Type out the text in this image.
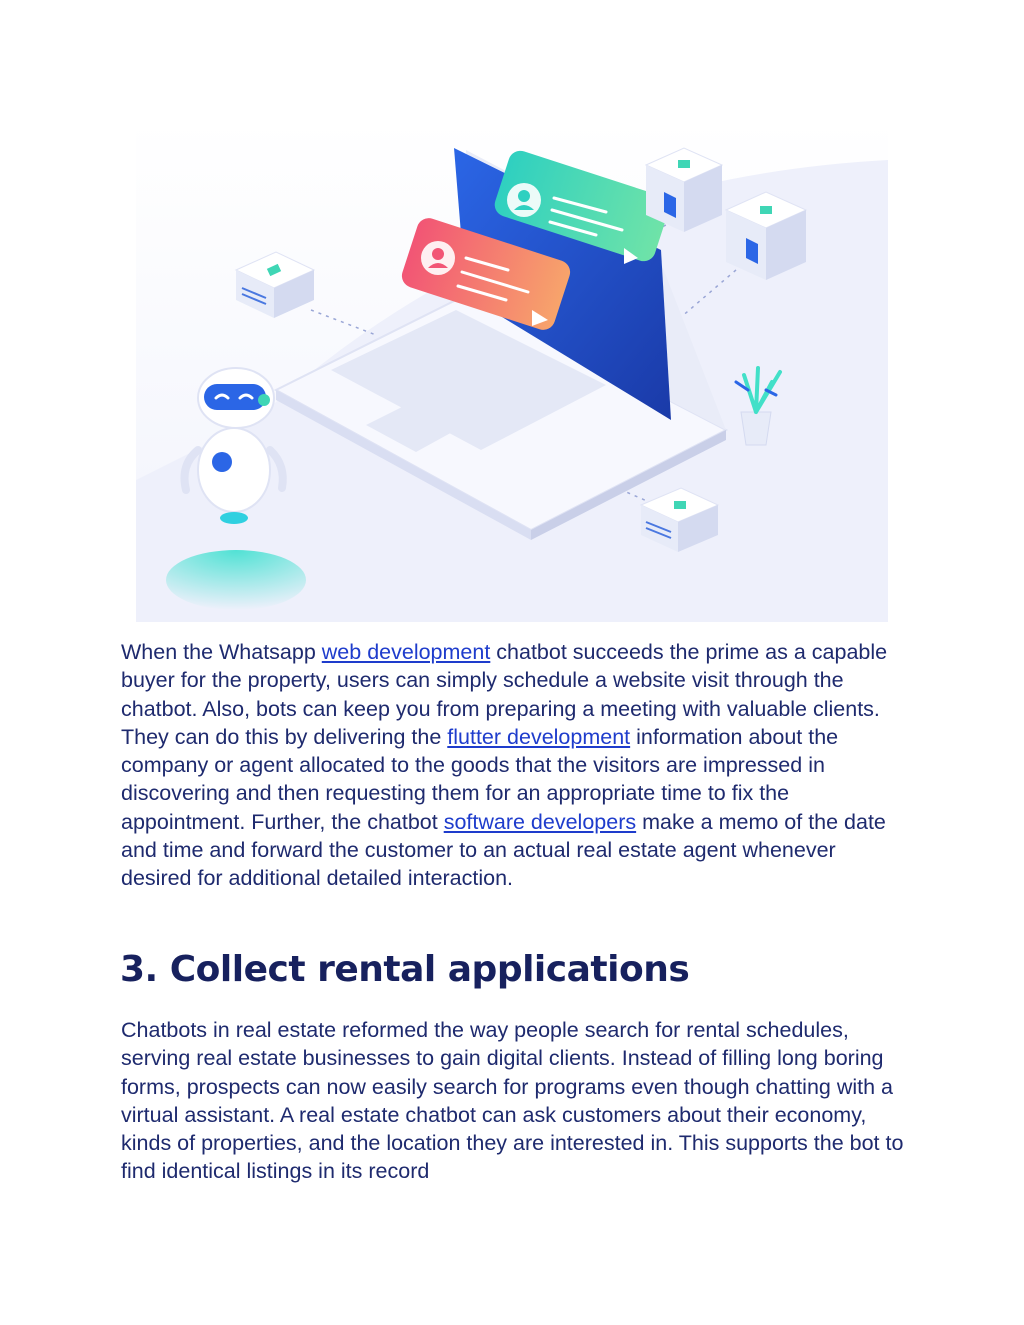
When the Whatsapp web development chatbot succeeds the prime as a capable buyer for the property, users can simply schedule a website visit through the chatbot. Also, bots can keep you from preparing a meeting with valuable clients. They can do this by delivering the flutter development information about the company or agent allocated to the goods that the visitors are impressed in discovering and then requesting them for an appropriate time to fix the appointment. Further, the chatbot software developers make a memo of the date and time and forward the customer to an actual real estate agent whenever desired for additional detailed interaction.

3. Collect rental applications

Chatbots in real estate reformed the way people search for rental schedules, serving real estate businesses to gain digital clients. Instead of filling long boring forms, prospects can now easily search for programs even though chatting with a virtual assistant. A real estate chatbot can ask customers about their economy, kinds of properties, and the location they are interested in. This supports the bot to find identical listings in its record
